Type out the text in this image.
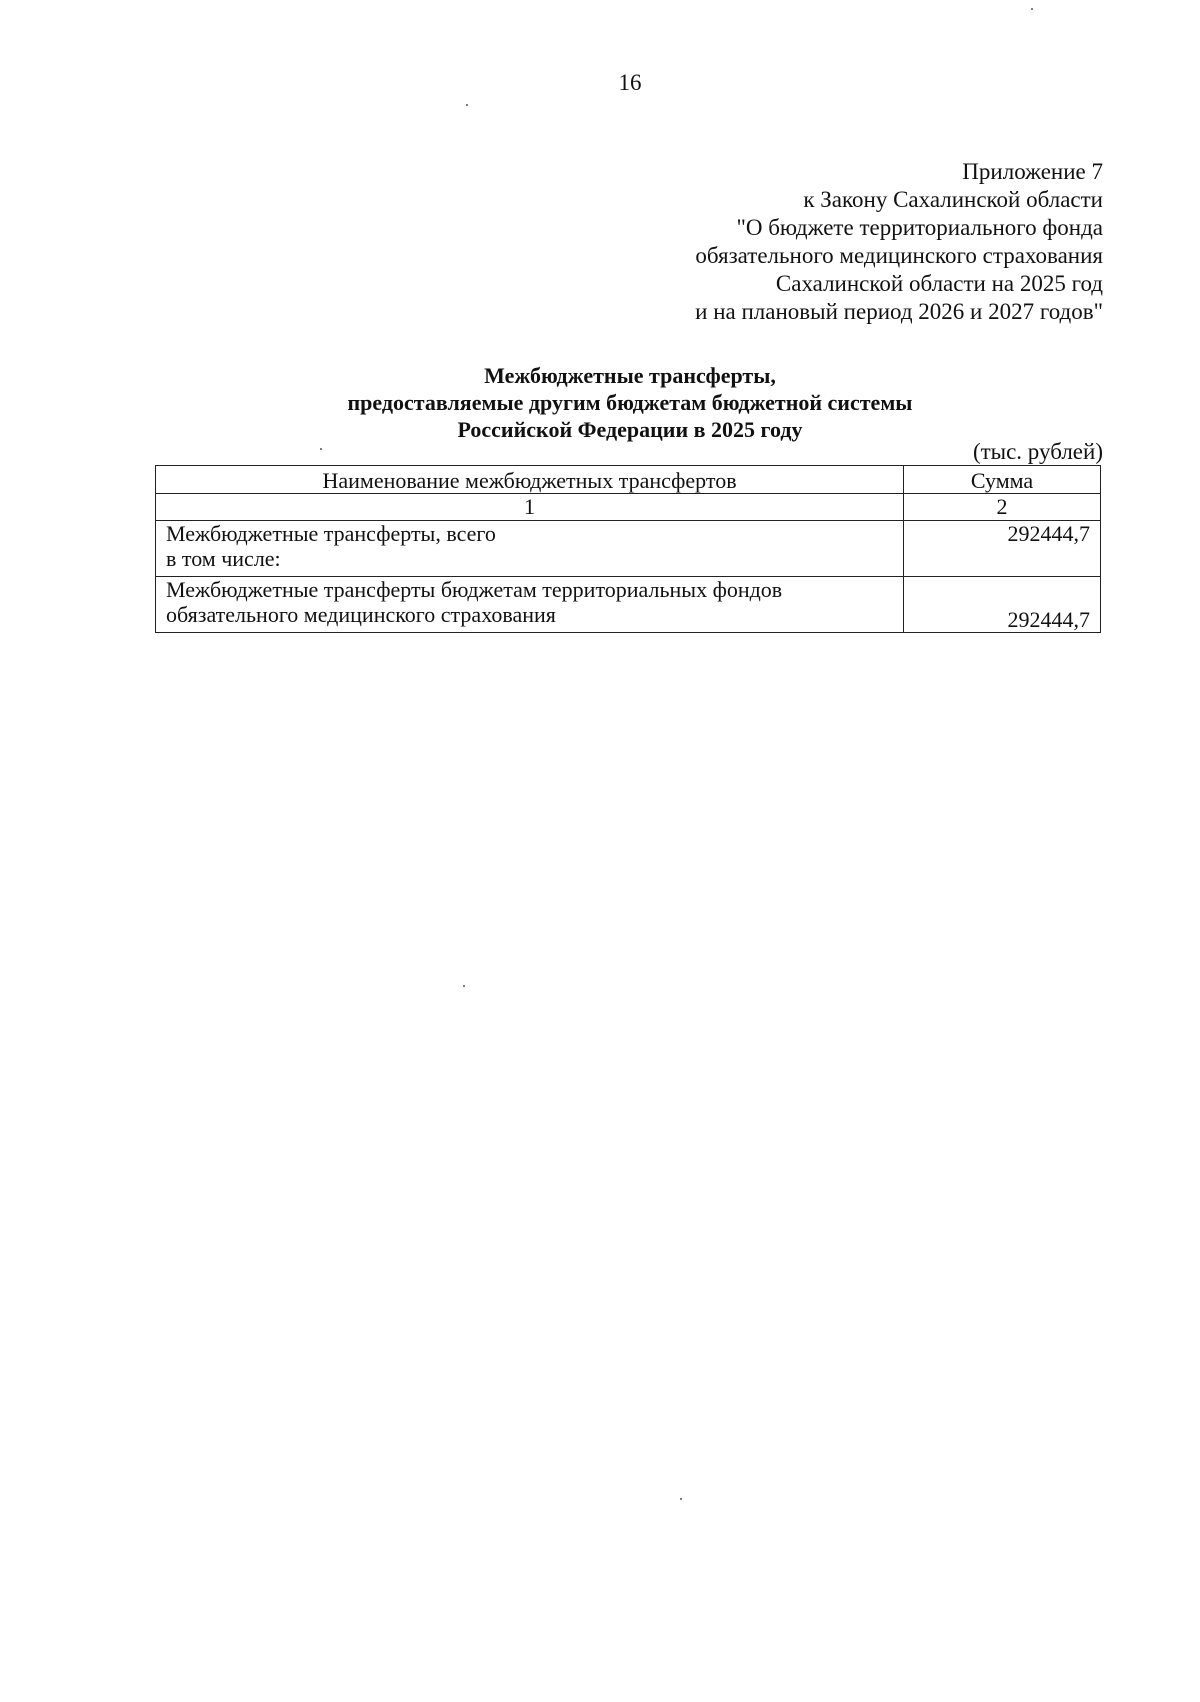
16
Приложение 7
к Закону Сахалинской области
"О бюджете территориального фонда
обязательного медицинского страхования
Сахалинской области на 2025 год
и на плановый период 2026 и 2027 годов"
Межбюджетные трансферты,
предоставляемые другим бюджетам бюджетной системы
Российской Федерации в 2025 году
(тыс. рублей)
Наименование межбюджетных трансфертов	Сумма
1	2

Межбюджетные трансферты, всего
в том числе:	292444,7

Межбюджетные трансферты бюджетам территориальных фондов
обязательного медицинского страхования	292444,7
